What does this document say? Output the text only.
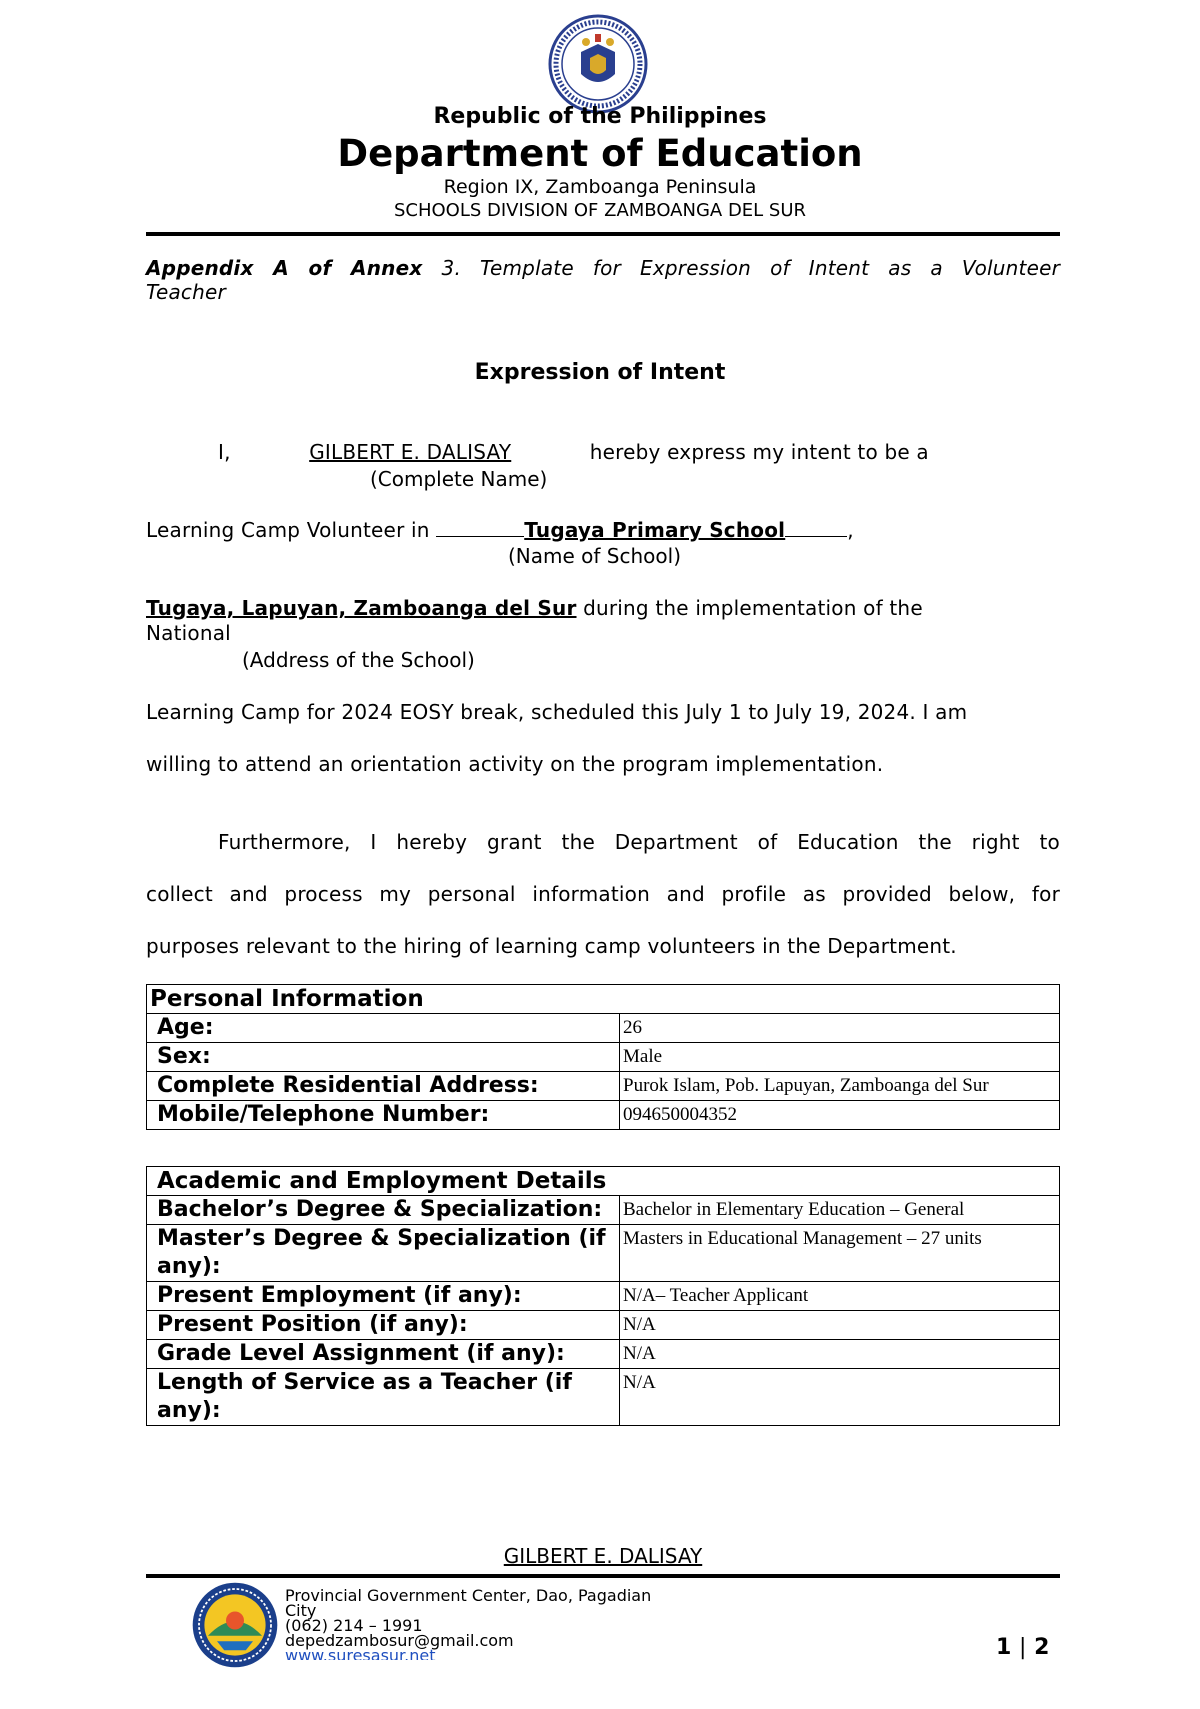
Republic of the Philippines
Department of Education
Region IX, Zamboanga Peninsula
SCHOOLS DIVISION OF ZAMBOANGA DEL SUR
Appendix A of Annex 3. Template for Expression of Intent as a Volunteer
Teacher
Expression of Intent
I,	GILBERT E. DALISAY	hereby express my intent to be a
(Complete Name)
Learning Camp Volunteer in	Tugaya Primary School	,
(Name of School)
Tugaya, Lapuyan, Zamboanga del Sur during the implementation of the
National
(Address of the School)
Learning Camp for 2024 EOSY break, scheduled this July 1 to July 19, 2024. I am
willing to attend an orientation activity on the program implementation.
Furthermore, I hereby grant the Department of Education the right to
collect and process my personal information and profile as provided below, for
purposes relevant to the hiring of learning camp volunteers in the Department.
Personal Information	
Age:	26
Sex:	Male
Complete Residential Address:	Purok Islam, Pob. Lapuyan, Zamboanga del Sur
Mobile/Telephone Number:	094650004352
Academic and Employment Details	
Bachelor’s Degree & Specialization:	Bachelor in Elementary Education – General
Master’s Degree & Specialization (if any):	Masters in Educational Management – 27 units
Present Employment (if any):	N/A– Teacher Applicant
Present Position (if any):	N/A
Grade Level Assignment (if any):	N/A
Length of Service as a Teacher (if any):	N/A
GILBERT E. DALISAY
Provincial Government Center, Dao, Pagadian
City
(062) 214 – 1991
depedzambosur@gmail.com
www.suresasur.net	1 | 2
